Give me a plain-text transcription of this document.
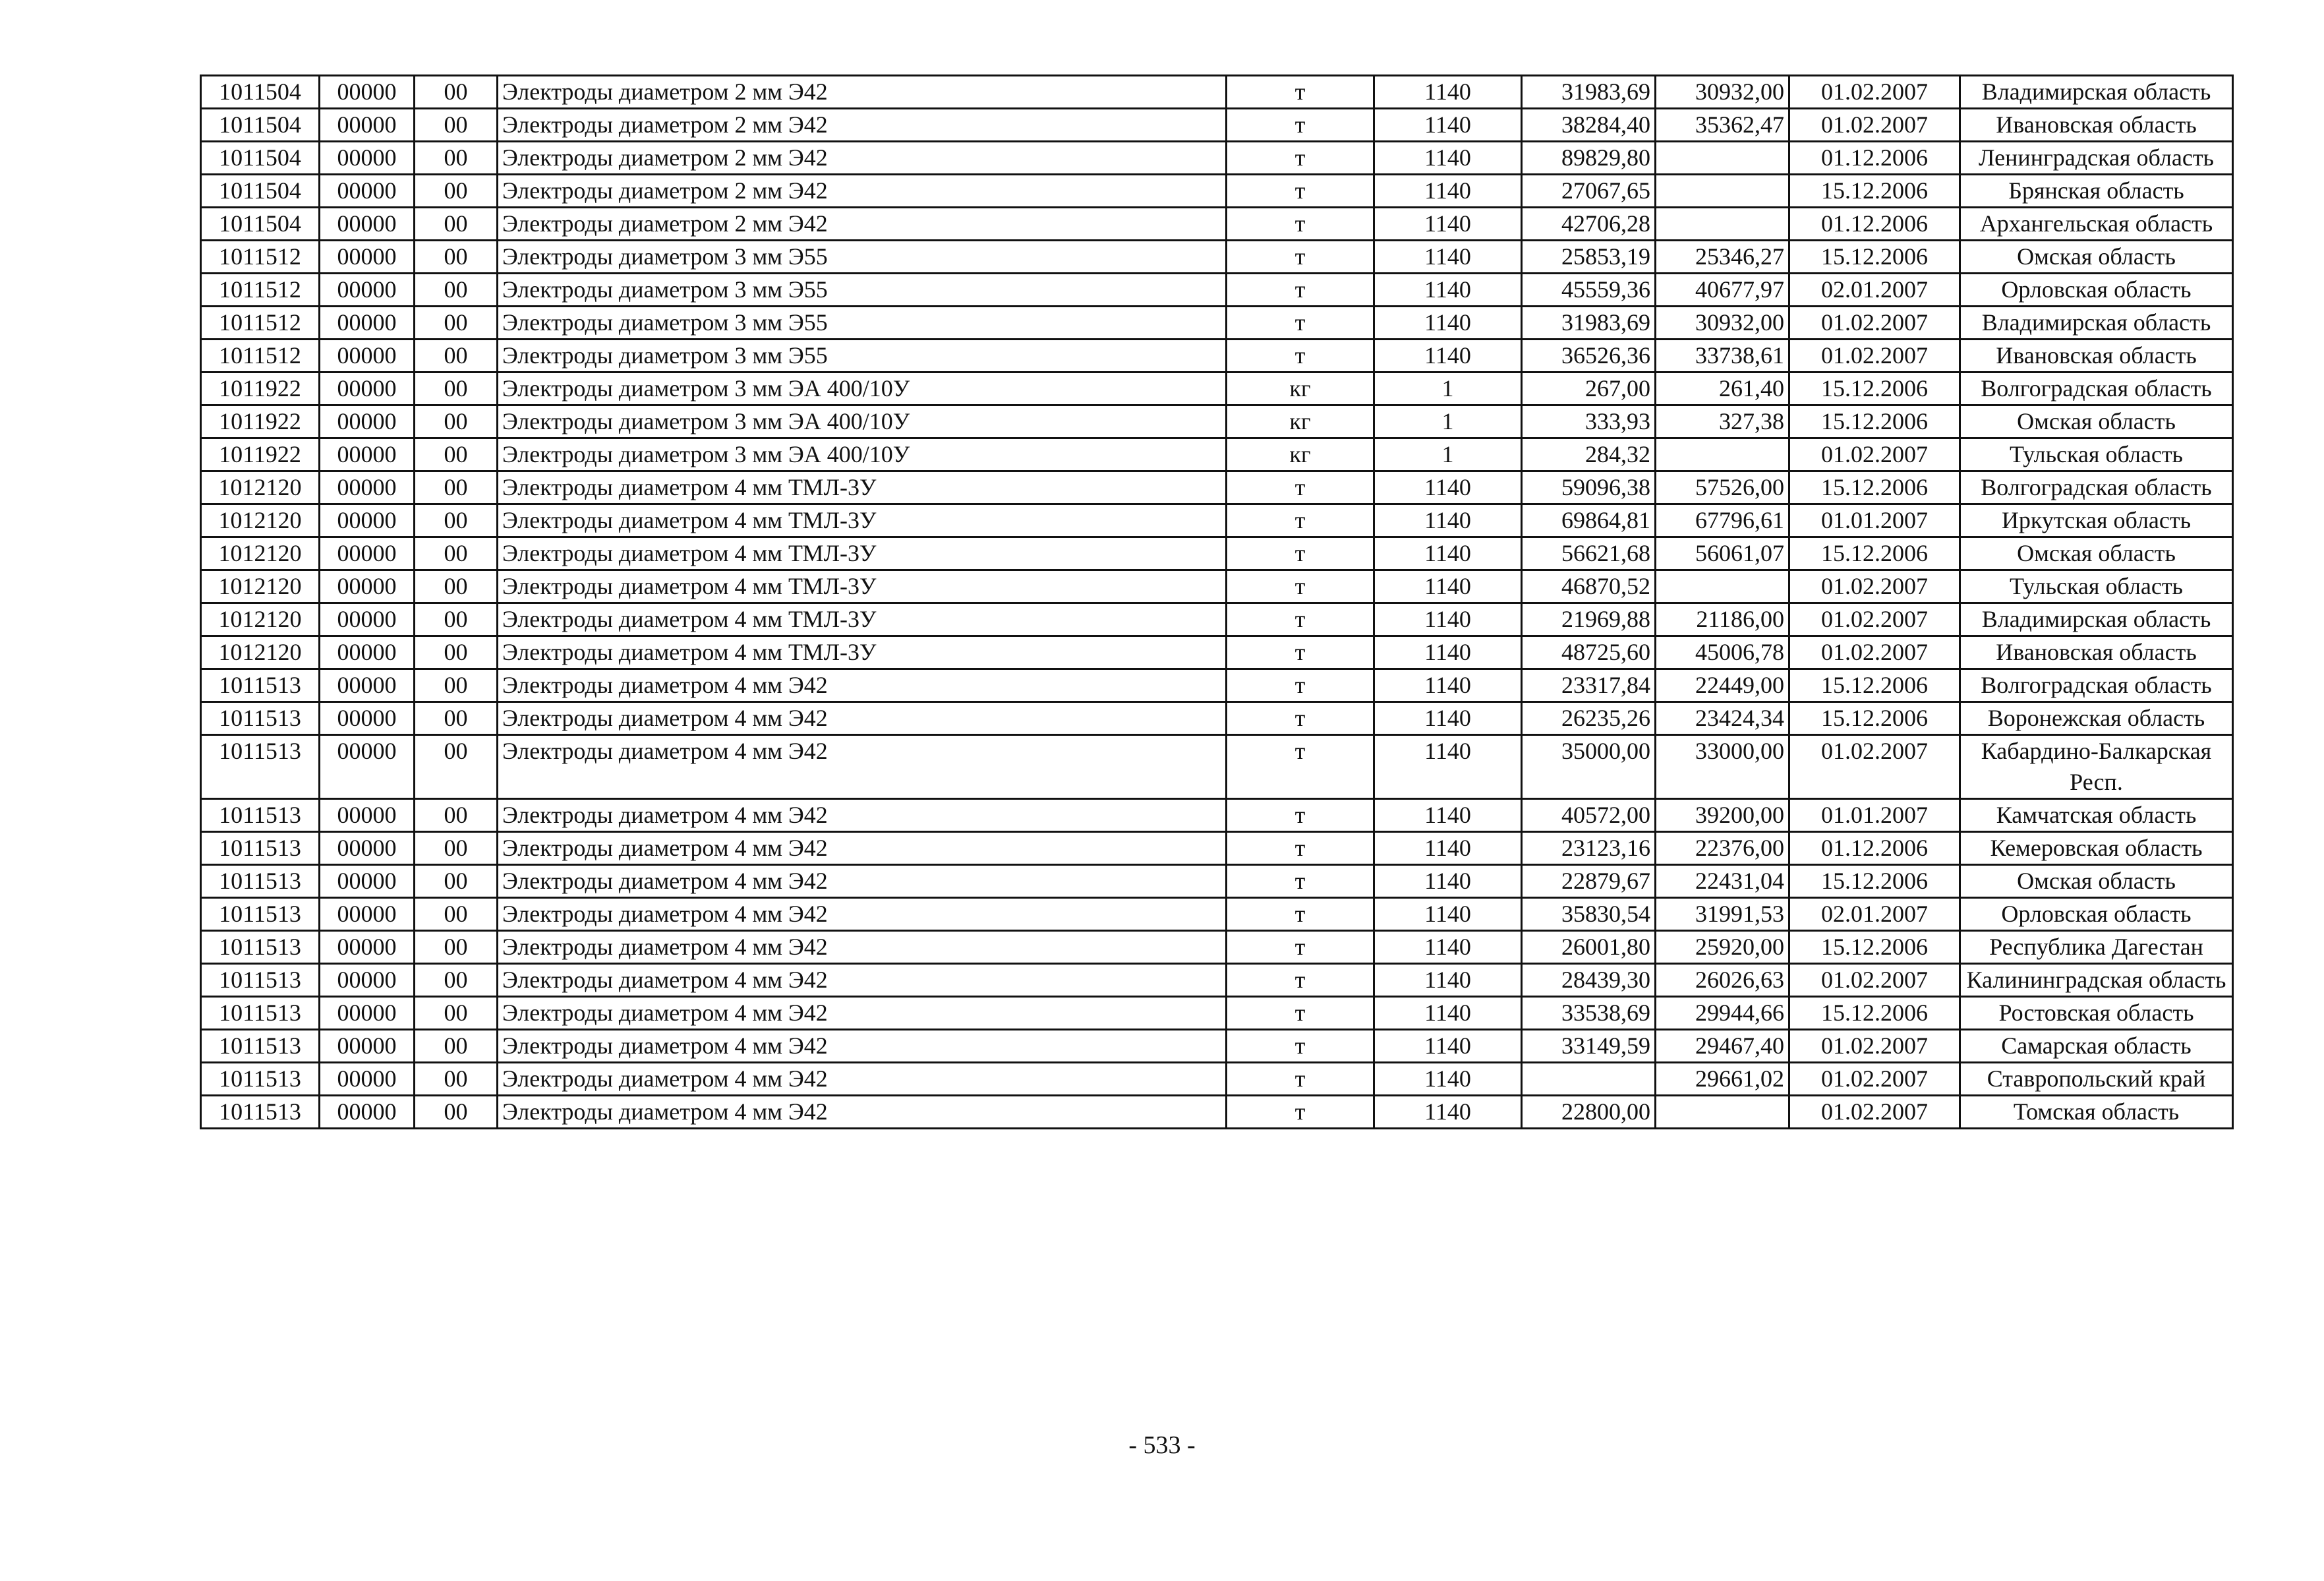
1011504	00000	00	Электроды диаметром 2 мм Э42	т	1140	31983,69	30932,00	01.02.2007	Владимирская область
1011504	00000	00	Электроды диаметром 2 мм Э42	т	1140	38284,40	35362,47	01.02.2007	Ивановская область
1011504	00000	00	Электроды диаметром 2 мм Э42	т	1140	89829,80		01.12.2006	Ленинградская область
1011504	00000	00	Электроды диаметром 2 мм Э42	т	1140	27067,65		15.12.2006	Брянская область
1011504	00000	00	Электроды диаметром 2 мм Э42	т	1140	42706,28		01.12.2006	Архангельская область
1011512	00000	00	Электроды диаметром 3 мм Э55	т	1140	25853,19	25346,27	15.12.2006	Омская область
1011512	00000	00	Электроды диаметром 3 мм Э55	т	1140	45559,36	40677,97	02.01.2007	Орловская область
1011512	00000	00	Электроды диаметром 3 мм Э55	т	1140	31983,69	30932,00	01.02.2007	Владимирская область
1011512	00000	00	Электроды диаметром 3 мм Э55	т	1140	36526,36	33738,61	01.02.2007	Ивановская область
1011922	00000	00	Электроды диаметром 3 мм ЭА 400/10У	кг	1	267,00	261,40	15.12.2006	Волгоградская область
1011922	00000	00	Электроды диаметром 3 мм ЭА 400/10У	кг	1	333,93	327,38	15.12.2006	Омская область
1011922	00000	00	Электроды диаметром 3 мм ЭА 400/10У	кг	1	284,32		01.02.2007	Тульская область
1012120	00000	00	Электроды диаметром 4 мм ТМЛ-3У	т	1140	59096,38	57526,00	15.12.2006	Волгоградская область
1012120	00000	00	Электроды диаметром 4 мм ТМЛ-3У	т	1140	69864,81	67796,61	01.01.2007	Иркутская область
1012120	00000	00	Электроды диаметром 4 мм ТМЛ-3У	т	1140	56621,68	56061,07	15.12.2006	Омская область
1012120	00000	00	Электроды диаметром 4 мм ТМЛ-3У	т	1140	46870,52		01.02.2007	Тульская область
1012120	00000	00	Электроды диаметром 4 мм ТМЛ-3У	т	1140	21969,88	21186,00	01.02.2007	Владимирская область
1012120	00000	00	Электроды диаметром 4 мм ТМЛ-3У	т	1140	48725,60	45006,78	01.02.2007	Ивановская область
1011513	00000	00	Электроды диаметром 4 мм Э42	т	1140	23317,84	22449,00	15.12.2006	Волгоградская область
1011513	00000	00	Электроды диаметром 4 мм Э42	т	1140	26235,26	23424,34	15.12.2006	Воронежская область
1011513	00000	00	Электроды диаметром 4 мм Э42	т	1140	35000,00	33000,00	01.02.2007	Кабардино-Балкарская Респ.
1011513	00000	00	Электроды диаметром 4 мм Э42	т	1140	40572,00	39200,00	01.01.2007	Камчатская область
1011513	00000	00	Электроды диаметром 4 мм Э42	т	1140	23123,16	22376,00	01.12.2006	Кемеровская область
1011513	00000	00	Электроды диаметром 4 мм Э42	т	1140	22879,67	22431,04	15.12.2006	Омская область
1011513	00000	00	Электроды диаметром 4 мм Э42	т	1140	35830,54	31991,53	02.01.2007	Орловская область
1011513	00000	00	Электроды диаметром 4 мм Э42	т	1140	26001,80	25920,00	15.12.2006	Республика Дагестан
1011513	00000	00	Электроды диаметром 4 мм Э42	т	1140	28439,30	26026,63	01.02.2007	Калининградская область
1011513	00000	00	Электроды диаметром 4 мм Э42	т	1140	33538,69	29944,66	15.12.2006	Ростовская область
1011513	00000	00	Электроды диаметром 4 мм Э42	т	1140	33149,59	29467,40	01.02.2007	Самарская область
1011513	00000	00	Электроды диаметром 4 мм Э42	т	1140		29661,02	01.02.2007	Ставропольский край
1011513	00000	00	Электроды диаметром 4 мм Э42	т	1140	22800,00		01.02.2007	Томская область
- 533 -
